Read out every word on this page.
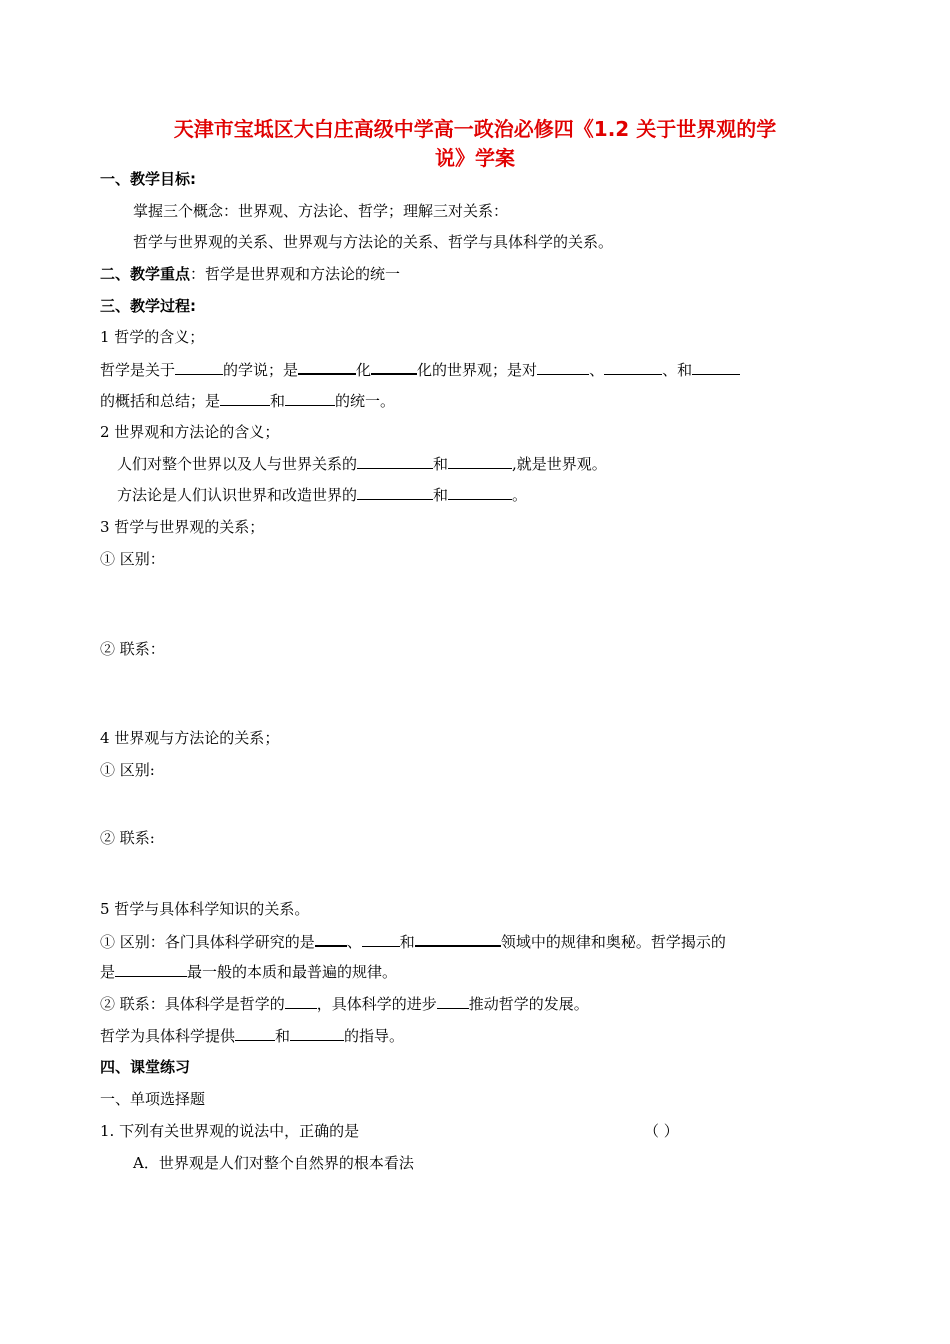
天津市宝坻区大白庄高级中学高一政治必修四《1.2 关于世界观的学
说》学案
一、教学目标:
掌握三个概念：世界观、方法论、哲学；理解三对关系：
哲学与世界观的关系、世界观与方法论的关系、哲学与具体科学的关系。
二、教学重点：哲学是世界观和方法论的统一
三、教学过程:
1 哲学的含义；
哲学是关于	的学说；是	化	化的世界观；是对	、	、和
的概括和总结；是	和	的统一。
2 世界观和方法论的含义；
人们对整个世界以及人与世界关系的	和	,就是世界观。
方法论是人们认识世界和改造世界的	和	。
3 哲学与世界观的关系；
① 区别：
② 联系：
4 世界观与方法论的关系；
① 区别:
② 联系:
5 哲学与具体科学知识的关系。
① 区别：各门具体科学研究的是 、	和	领域中的规律和奥秘。哲学揭示的
是	最一般的本质和最普遍的规律。
② 联系：具体科学是哲学的 ，具体科学的进步 推动哲学的发展。
哲学为具体科学提供	和	的指导。
四、课堂练习
一、单项选择题
1. 下列有关世界观的说法中，正确的是	（ ）
A．世界观是人们对整个自然界的根本看法
